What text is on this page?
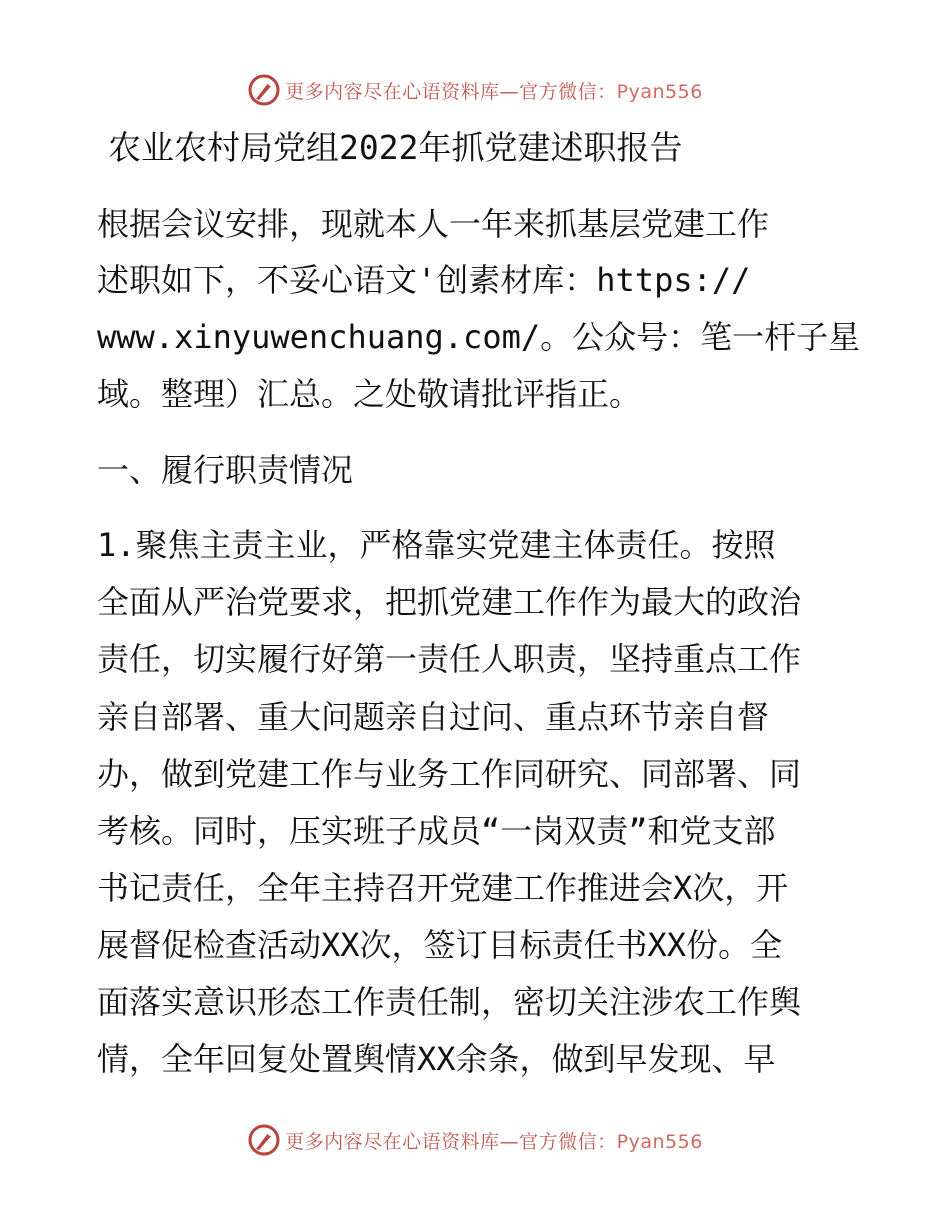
更多内容尽在心语资料库—官方微信：Pyan556
农业农村局党组2022年抓党建述职报告

根据会议安排，现就本人一年来抓基层党建工作

述职如下，不妥心语文'创素材库：https://

www.xinyuwenchuang.com/。公众号：笔一杆子星

域。整理）汇总。之处敬请批评指正。

一、履行职责情况

1.聚焦主责主业，严格靠实党建主体责任。按照

全面从严治党要求，把抓党建工作作为最大的政治

责任，切实履行好第一责任人职责，坚持重点工作

亲自部署、重大问题亲自过问、重点环节亲自督

办，做到党建工作与业务工作同研究、同部署、同

考核。同时，压实班子成员“一岗双责”和党支部

书记责任，全年主持召开党建工作推进会X次，开

展督促检查活动XX次，签订目标责任书XX份。全

面落实意识形态工作责任制，密切关注涉农工作舆

情，全年回复处置舆情XX余条，做到早发现、早

更多内容尽在心语资料库—官方微信：Pyan556
